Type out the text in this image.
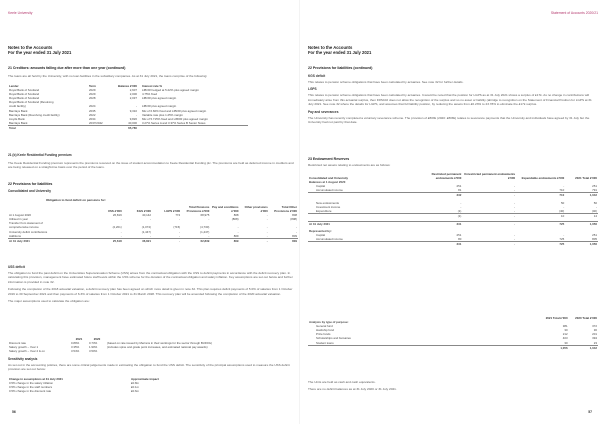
Keele University
Notes to the Accounts
For the year ended 31 July 2021
21 Creditors: amounts falling due after more than one year (continued)
The loans are all held by the University, with no loan facilities in the subsidiary companies. As at 31 July 2021, the loans comprise of the following:
Lender	Term	Balance £'000	Interest rate %
Royal Bank of Scotland	2029	2,607	LIBOR hedged at 5.22% plus agreed margin
Royal Bank of Scotland	2029	2,000	4.75% fixed
Royal Bank of Scotland	2028	2,037	LIBOR plus agreed margin
Royal Bank of Scotland (Revolving			
credit facility)	2024	-	LIBOR plus agreed margin
Barclays Bank	2035	9,310	Mix of 6.60% fixed and LIBOR plus agreed margin
Barclays Bank (Revolving credit facility)	2022	-	Variable rate plus 1.25% margin
Lloyds Bank	2034	9,826	Mix of 5.715% fixed and LIBOR plus agreed margin
Barclays Bank	2037/2042	40,000	3.27% Series A and 3.37% Series B Senior Notes
Total		65,780	
21 (b) Keele Residential Funding premium
The Keele Residential Funding premium represents the premiums received on the issue of student accommodation to Keele Residential Funding plc. The premiums are held as deferred income in creditors and are being released on a straight-line basis over the period of the loans.
22 Provisions for liabilities
Consolidated and University
Obligation to fund deficit on pensions for:
	USS £'000	KGS £'000	LGPS £'000	Total Pensions Provisions £'000	Pay and conditions £'000	Other provisions £'000	Total Other Provisions £'000
At 1 August 2020	26,819	40,142	774	68,975	808	-	808
Utilised in year	-	-	-	-	(808)	-	(808)
Transfer from statement of							
comprehensive income	(2,201)	(1,074)	(715)	(4,730)	-	-	-
University deficit contributions	-	(1,447)	-	(1,447)	-	-	-
Additions	-	-	-	-	809	-	809
At 31 July 2021	25,618	36,821	-	62,839	809	-	809
USS deficit
The obligation to fund the past deficit on the Universities Superannuation Scheme (USS) arises from the contractual obligation with the USS to deficit payments in accordance with the deficit recovery plan. In calculating this provision, management have estimated future staff levels within the USS scheme for the duration of the contractual obligation and salary inflation. Key assumptions are set out below and further information is provided in note 32.
Following the completion of the 2018 actuarial valuation, a deficit recovery plan has been agreed on which more detail is given in note 32. This plan requires deficit payments of 5.0% of salaries from 1 October 2019 to 30 September 2021 and then payments of 6.3% of salaries from 1 October 2021 to 31 March 2028. This recovery plan will be amended following the completion of the 2020 actuarial valuation.
The major assumptions used to calculate the obligation are:
	2021	2020	
Discount rate	0.89%	0.73%	(based on rate issued by Merrans in their workings for the sector through BUFDG)
Salary growth – Year 1	3.35%	1.90%	(includes spine and grade point increases, and estimated national pay awards)
Salary growth – Year 2 & on	3.54%	3.50%	
Sensitivity analysis
As set out in the accounting policies, there are some critical judgements made in estimating the obligation to fund the USS deficit. The sensitivity of the principal assumptions used to measure the USS deficit provision are set out below:
Change in assumptions at 31 July 2021	Approximate impact
0.5% change in the salary inflation	£0.8m
0.5% change in the staff numbers	£0.1m
0.5% change in the discount rate	£0.6m
56
Statement of Accounts 2020/21
Notes to the Accounts
For the year ended 31 July 2021
22 Provisions for liabilities (continued)
KGS deficit
This relates to pension scheme obligations that have been calculated by actuaries. See note 32 for further details.
LGPS
This relates to pension scheme obligations that have been calculated by actuaries. It would be noted that the position for LGPS as at 31 July 2021 shows a surplus of £17k. As no change in contributions will immediately arise from this actuarial surplus, then FRS102 does not allow the recognition of the surplus and so no asset or liability (abridge to recognition on the Statement of Financial Position for LGPS at 31 July 2021. See note 32 where the details for LGPS, and assumes that full liability position, by reducing the assets from £0.23% to 23.78% to eliminate the £17k surplus.
Pay and severances
The University has recently completed a voluntary severance scheme. The provision of £809k (2020: £808k) relates to severance payments that the University and individuals have agreed by 31 July but the University had not paid by that date.
23 Endowment Reserves
Restricted net assets relating to endowments are as follows:
Consolidated and University	Restricted permanent endowments £'000	Unrestricted permanent endowments £'000	Expendable endowments £'000	2021 Total £'000
Balances at 1 August 2020				
Capital	251	-	-	251
Accumulated income	81	-	710	791
	332	-	710	1,042

New endowments	-	-	50	50
Investment income	-	-	-	-
Expenditure	(1)	-	(40)	(40)
	(1)	-	10	14

At 31 July 2021	331	-	725	1,056

Represented by:				
Capital	251	-	-	251
Accumulated income	80	-	725	805
	331	-	725	1,056
	2021 Total £'000	2020 Total £'000
Analysis by type of purpose:		
General fund	381	372
Hardship fund	30	30
Prize funds	212	201
Scholarships and bursaries	403	394
Student loans	30	23
	1,056	1,042
The Units are held as cash and cash equivalents.
There are no deficit balances as at 31 July 2020 or 31 July 2021.
57
